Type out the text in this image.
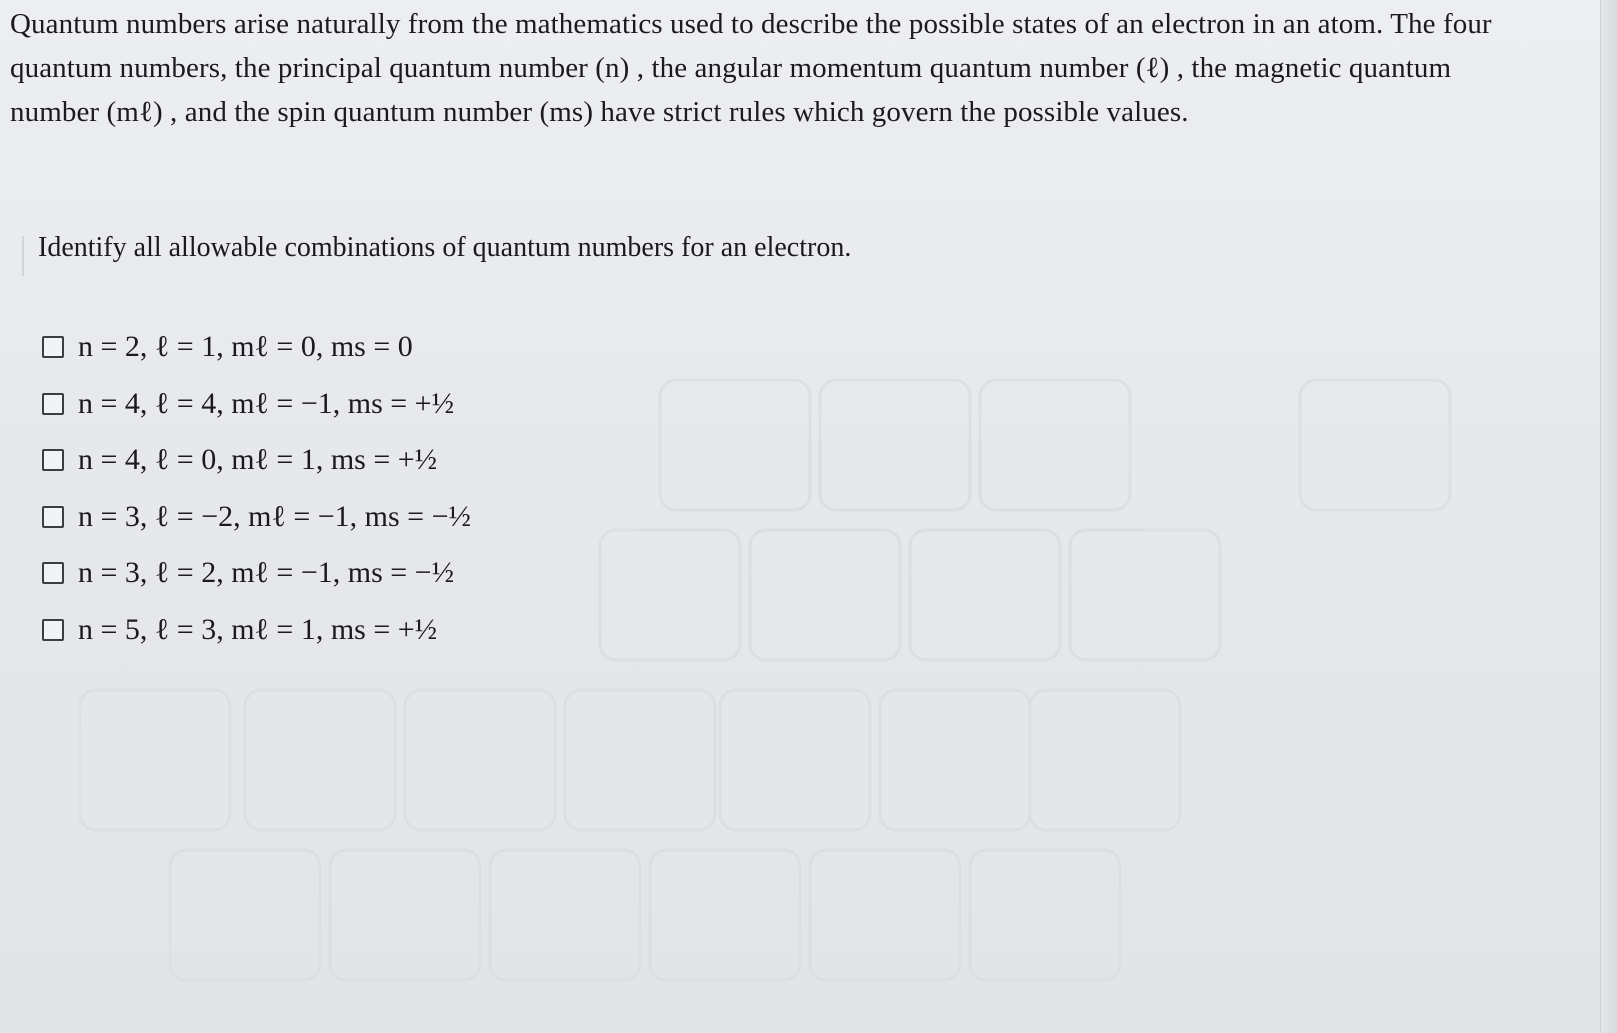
Quantum numbers arise naturally from the mathematics used to describe the possible states of an electron in an atom. The four
quantum numbers, the principal quantum number (n) , the angular momentum quantum number (ℓ) , the magnetic quantum
number (mℓ) , and the spin quantum number (ms) have strict rules which govern the possible values.
Identify all allowable combinations of quantum numbers for an electron.
n = 2, ℓ = 1, mℓ = 0, ms = 0
n = 4, ℓ = 4, mℓ = −1, ms = +½
n = 4, ℓ = 0, mℓ = 1, ms = +½
n = 3, ℓ = −2, mℓ = −1, ms = −½
n = 3, ℓ = 2, mℓ = −1, ms = −½
n = 5, ℓ = 3, mℓ = 1, ms = +½
